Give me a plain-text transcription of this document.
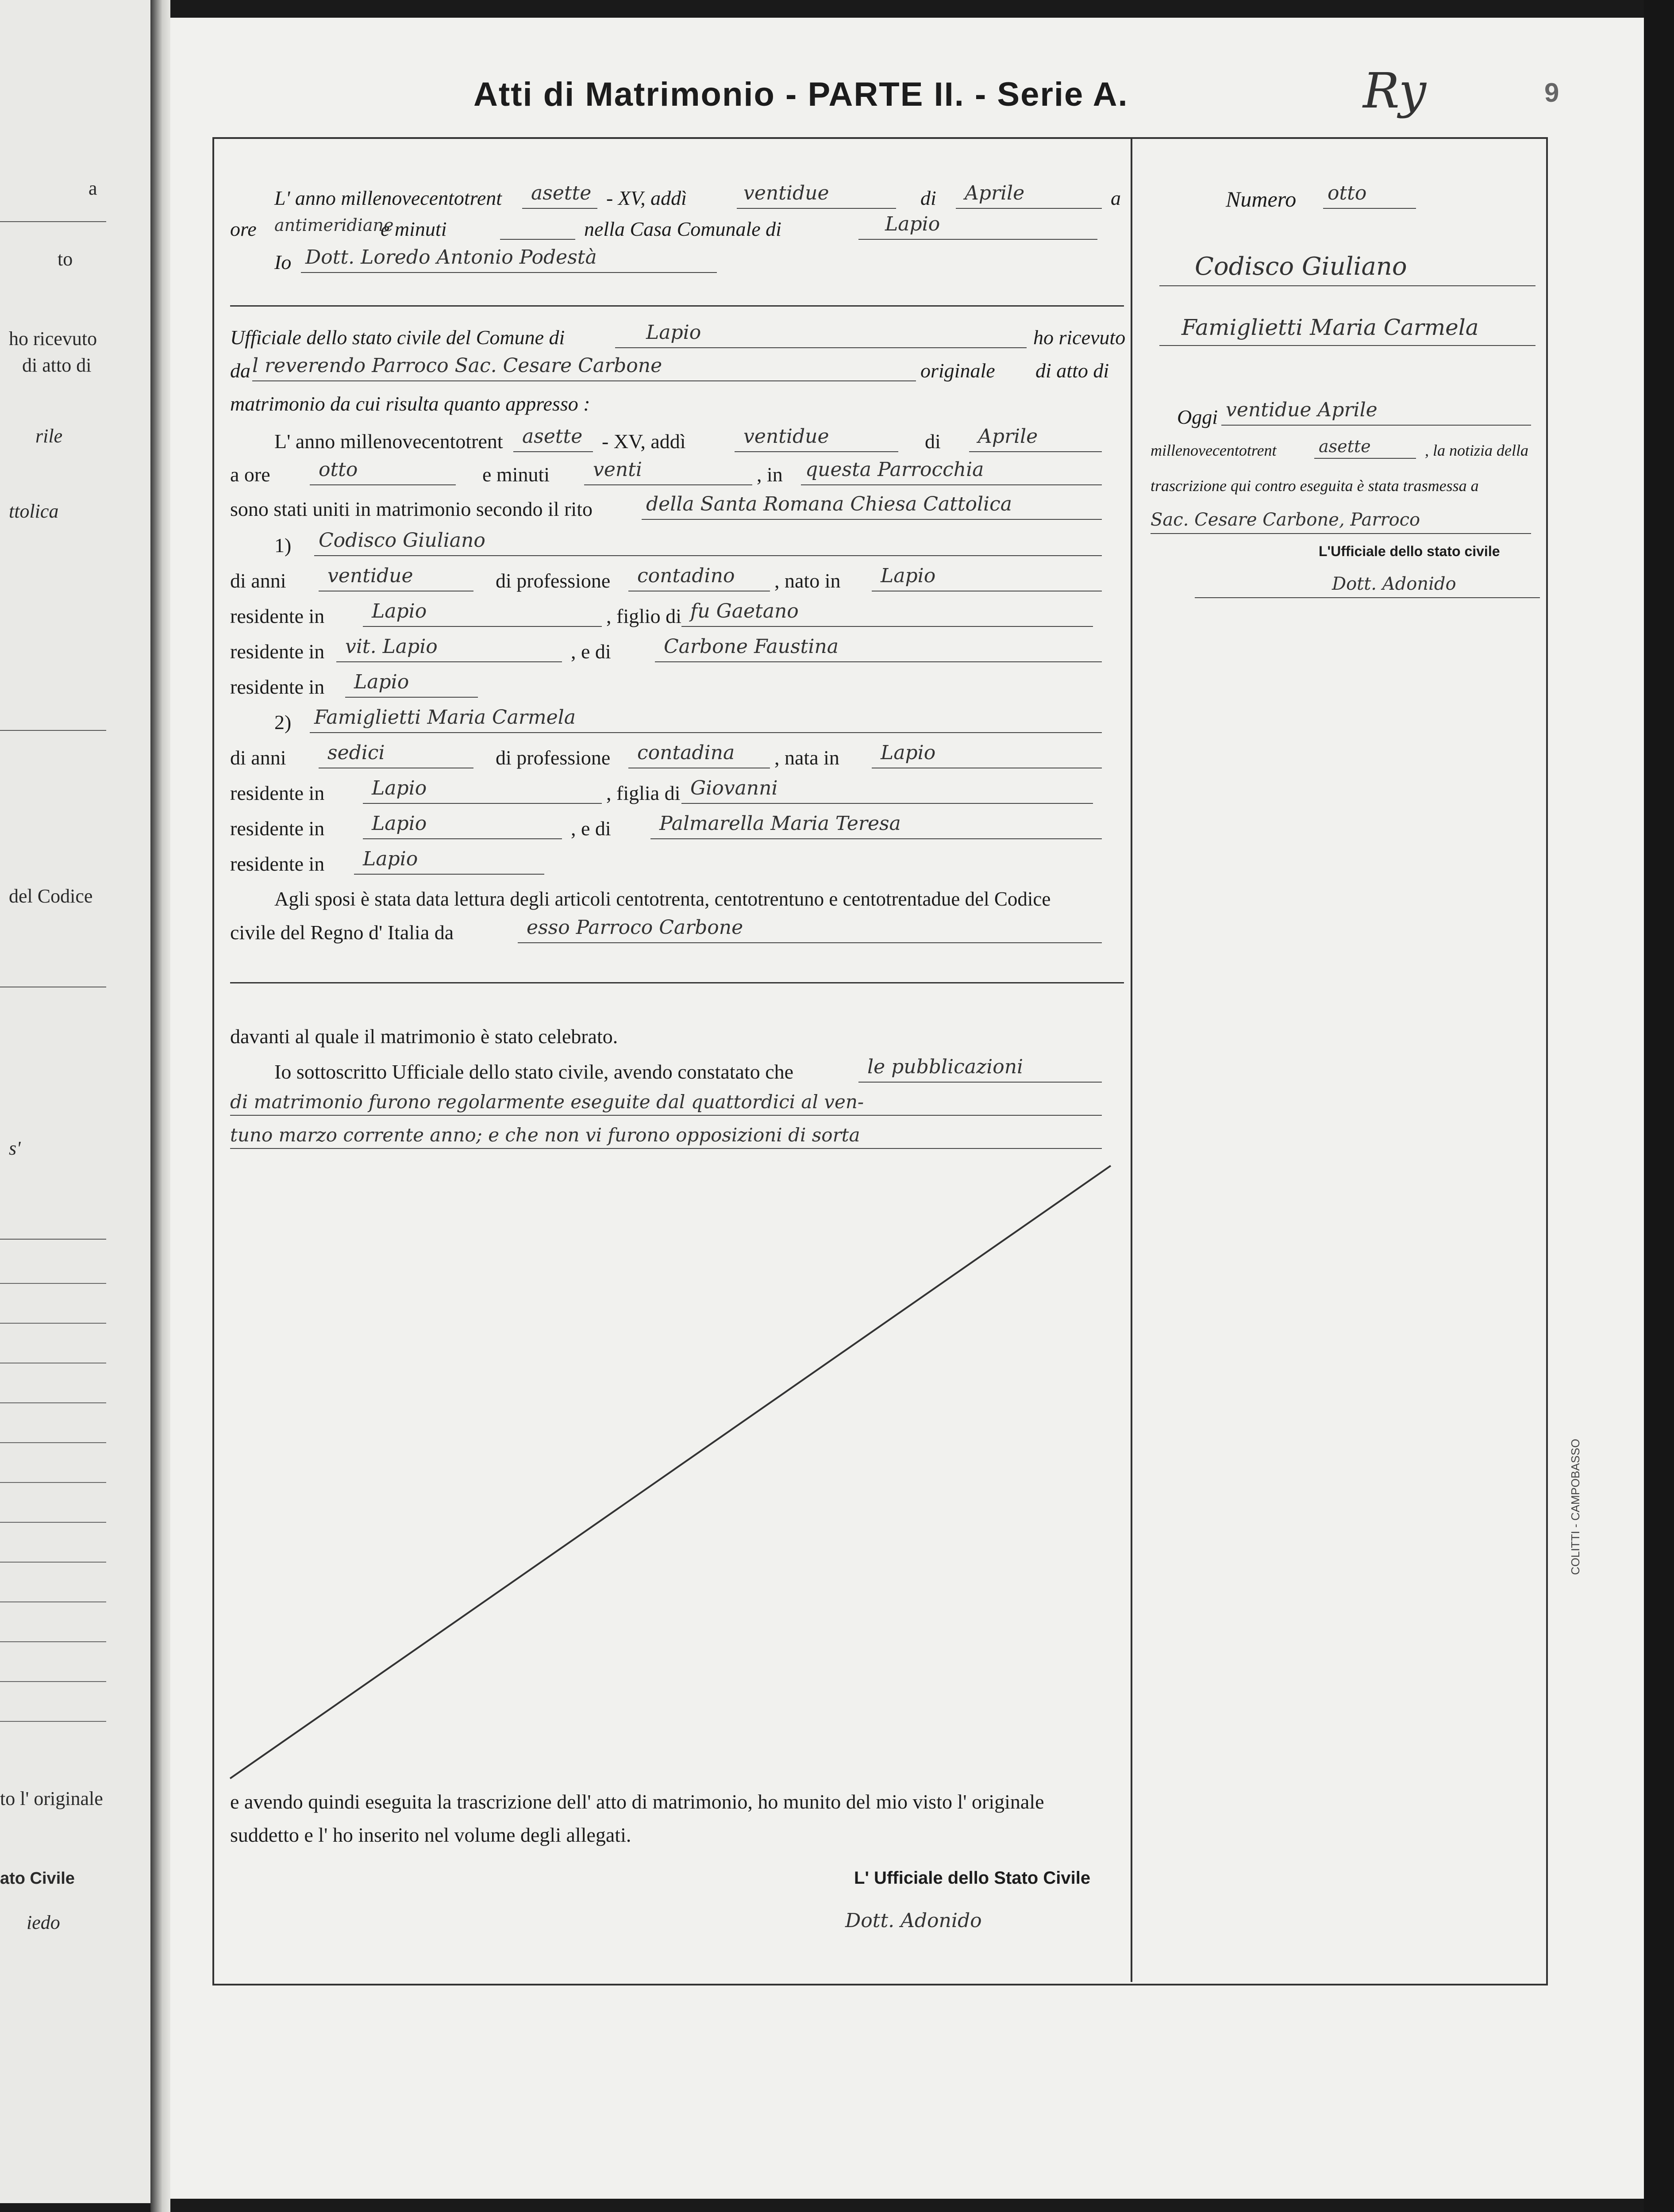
a
to
ho ricevuto
di atto di
rile
ttolica
del Codice
s'
to l' originale
ato Civile
iedo
Atti di Matrimonio - PARTE II. - Serie A.	Ry	9
L' anno millenovecentotrent asette - XV, addì	ventidue	di Aprile	a
ore antimeridiane
e minuti	nella Casa Comunale di	Lapio
Io Dott. Loredo Antonio Podestà
Ufficiale dello stato civile del Comune di	Lapio	ho ricevuto
da l reverendo Parroco Sac. Cesare Carbone	originale di atto di
matrimonio da cui risulta quanto appresso :
L' anno millenovecentotrent asette - XV, addì	ventidue	di Aprile
a ore otto	e minuti venti	, in questa Parrocchia
sono stati uniti in matrimonio secondo il rito	della Santa Romana Chiesa Cattolica
1) Codisco Giuliano
di anni ventidue	di professione contadino , nato in Lapio
residente in Lapio	, figlio di fu Gaetano
residente in vit. Lapio	, e di	Carbone Faustina
residente in Lapio
2) Famiglietti Maria Carmela
di anni sedici	di professione contadina , nata in Lapio
residente in Lapio	, figlia di Giovanni
residente in Lapio	, e di Palmarella Maria Teresa
residente in Lapio
Agli sposi è stata data lettura degli articoli centotrenta, centotrentuno e centotrentadue del Codice
civile del Regno d' Italia da	esso Parroco Carbone
davanti al quale il matrimonio è stato celebrato.
Io sottoscritto Ufficiale dello stato civile, avendo constatato che	le pubblicazioni
di matrimonio furono regolarmente eseguite dal quattordici al ven-
tuno marzo corrente anno; e che non vi furono opposizioni di sorta
e avendo quindi eseguita la trascrizione dell' atto di matrimonio, ho munito del mio visto l' originale
suddetto e l' ho inserito nel volume degli allegati.
L' Ufficiale dello Stato Civile
Dott. Adonido
Numero otto
Codisco Giuliano
Famiglietti Maria Carmela
Oggi ventidue Aprile
millenovecentotrent	asette	, la notizia della
trascrizione qui contro eseguita è stata trasmessa a
Sac. Cesare Carbone, Parroco
L'Ufficiale dello stato civile
Dott. Adonido
COLITTI - CAMPOBASSO
